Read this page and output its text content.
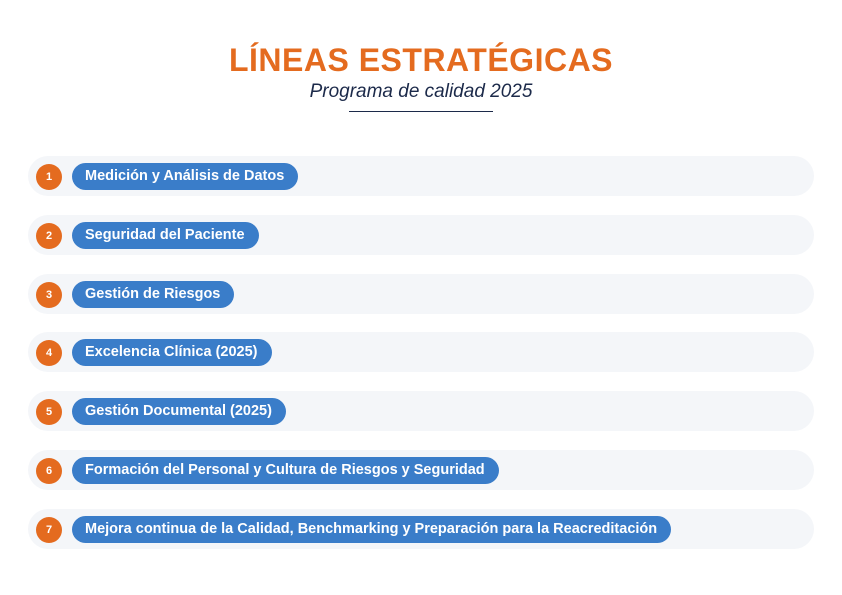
LÍNEAS ESTRATÉGICAS
Programa de calidad 2025
1	Medición y Análisis de Datos
2	Seguridad del Paciente
3	Gestión de Riesgos
4	Excelencia Clínica (2025)
5	Gestión Documental (2025)
6	Formación del Personal y Cultura de Riesgos y Seguridad
7	Mejora continua de la Calidad, Benchmarking y Preparación para la Reacreditación
